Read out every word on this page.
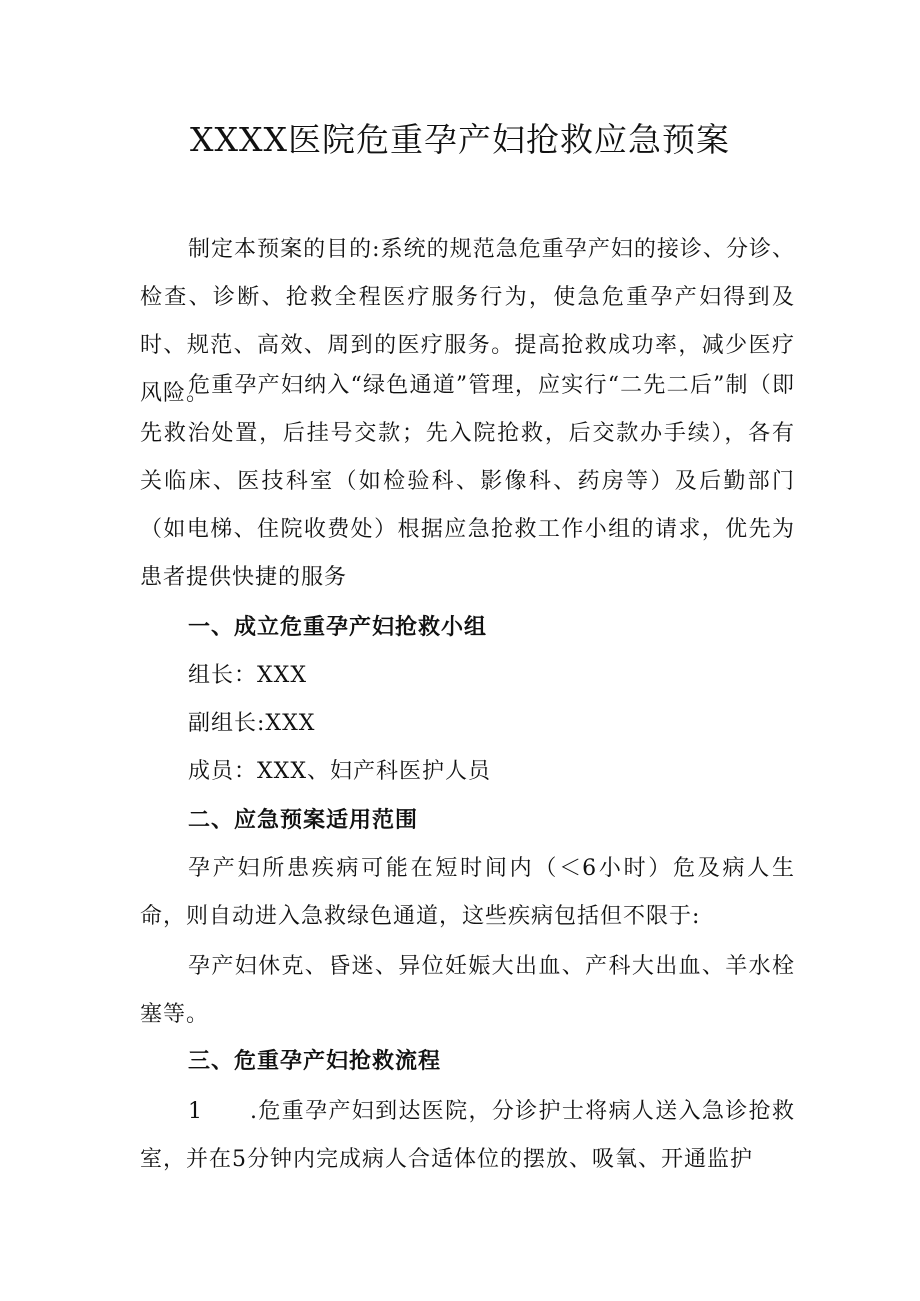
XXXX医院危重孕产妇抢救应急预案

制定本预案的目的:系统的规范急危重孕产妇的接诊、分诊、检查、诊断、抢救全程医疗服务行为，使急危重孕产妇得到及时、规范、高效、周到的医疗服务。提高抢救成功率，减少医疗风险。

危重孕产妇纳入“绿色通道”管理，应实行“二先二后”制（即先救治处置，后挂号交款；先入院抢救，后交款办手续），各有关临床、医技科室（如检验科、影像科、药房等）及后勤部门（如电梯、住院收费处）根据应急抢救工作小组的请求，优先为患者提供快捷的服务

一、成立危重孕产妇抢救小组

组长：XXX

副组长:XXX

成员：XXX、妇产科医护人员

二、应急预案适用范围

孕产妇所患疾病可能在短时间内（＜6小时）危及病人生命，则自动进入急救绿色通道，这些疾病包括但不限于:

孕产妇休克、昏迷、异位妊娠大出血、产科大出血、羊水栓塞等。

三、危重孕产妇抢救流程

1　　.危重孕产妇到达医院，分诊护士将病人送入急诊抢救室，并在5分钟内完成病人合适体位的摆放、吸氧、开通监护
